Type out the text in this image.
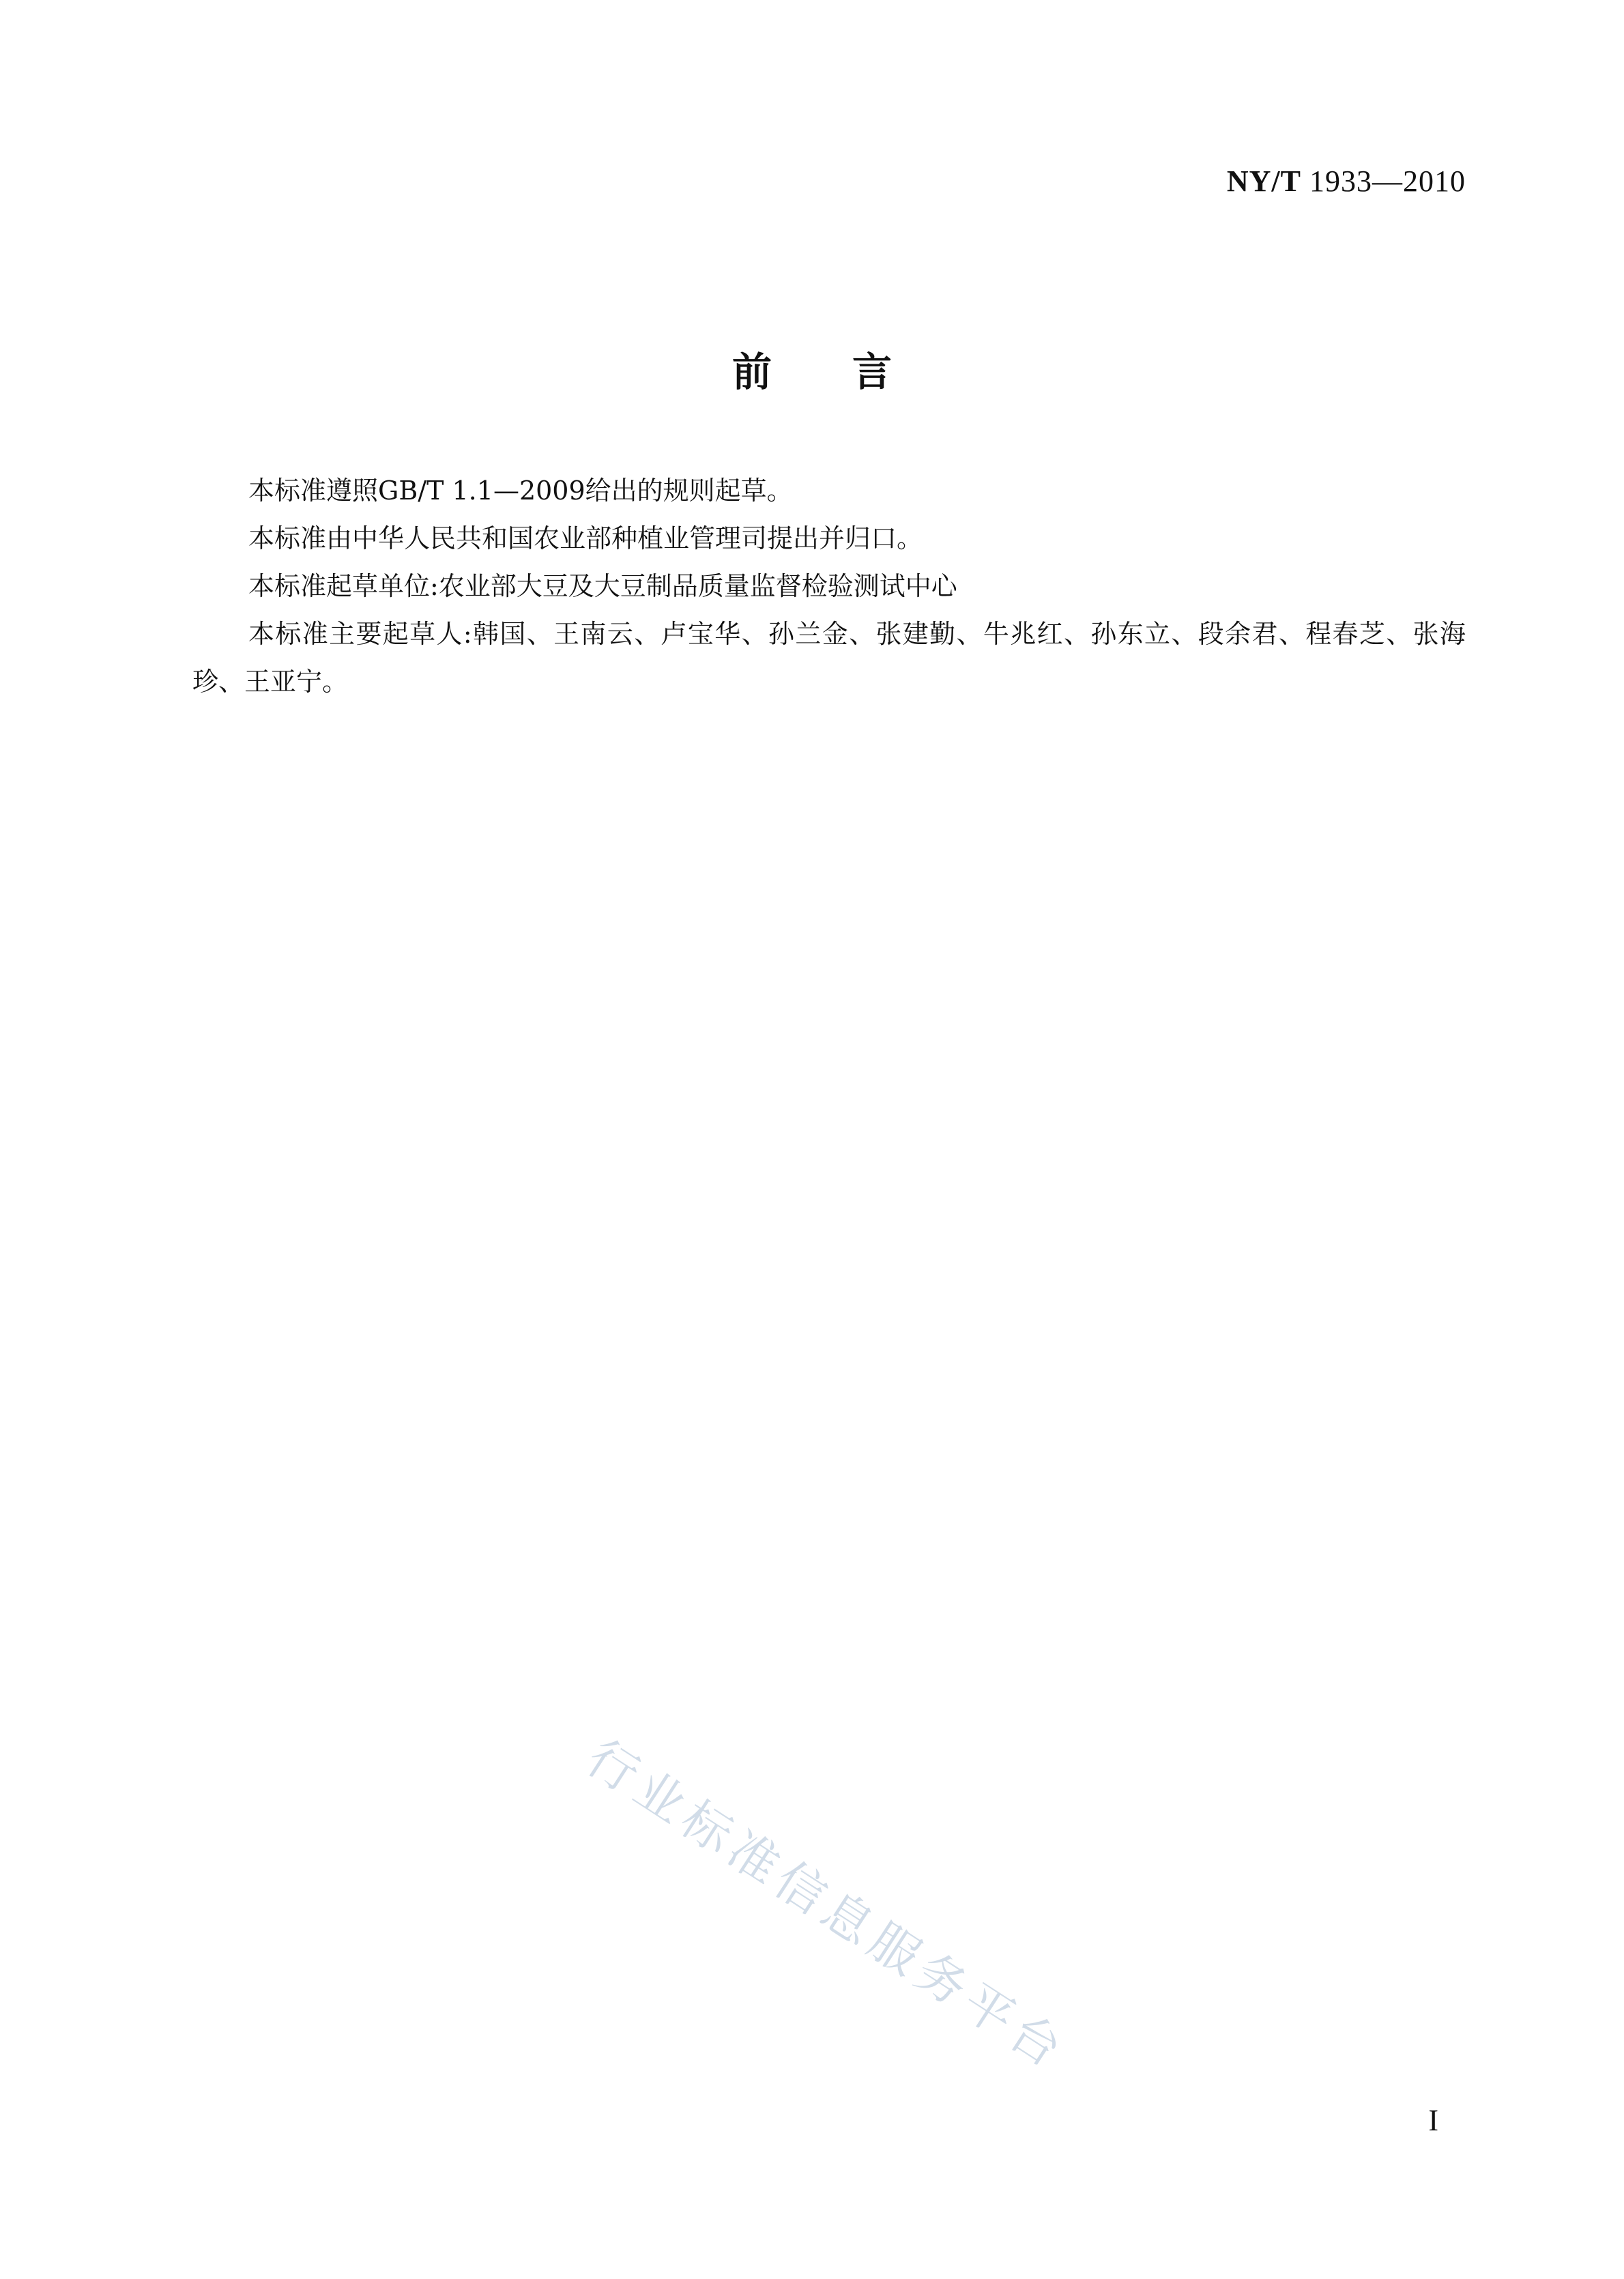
NY/T 1933—2010
前 言

本标准遵照GB/T 1.1—2009给出的规则起草。

本标准由中华人民共和国农业部种植业管理司提出并归口。

本标准起草单位:农业部大豆及大豆制品质量监督检验测试中心

本标准主要起草人:韩国、王南云、卢宝华、孙兰金、张建勤、牛兆红、孙东立、段余君、程春芝、张海珍、王亚宁。

行业标准信息服务平台
I
